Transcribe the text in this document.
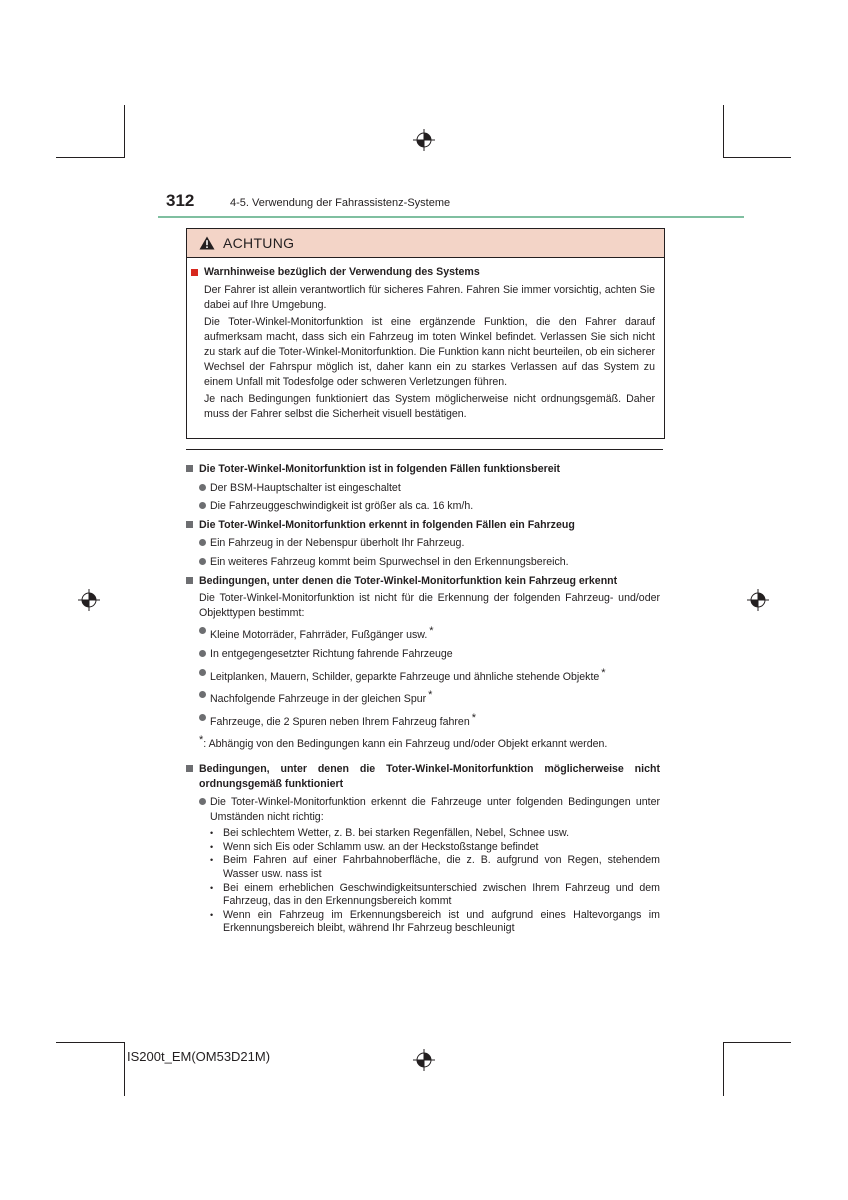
312	4-5. Verwendung der Fahrassistenz-Systeme
ACHTUNG
Warnhinweise bezüglich der Verwendung des Systems
Der Fahrer ist allein verantwortlich für sicheres Fahren. Fahren Sie immer vorsichtig, achten Sie dabei auf Ihre Umgebung.
Die Toter-Winkel-Monitorfunktion ist eine ergänzende Funktion, die den Fahrer darauf aufmerksam macht, dass sich ein Fahrzeug im toten Winkel befindet. Verlassen Sie sich nicht zu stark auf die Toter-Winkel-Monitorfunktion. Die Funktion kann nicht beurteilen, ob ein sicherer Wechsel der Fahrspur möglich ist, daher kann ein zu starkes Verlassen auf das System zu einem Unfall mit Todesfolge oder schweren Verletzungen führen.
Je nach Bedingungen funktioniert das System möglicherweise nicht ordnungsgemäß. Daher muss der Fahrer selbst die Sicherheit visuell bestätigen.
Die Toter-Winkel-Monitorfunktion ist in folgenden Fällen funktionsbereit
Der BSM-Hauptschalter ist eingeschaltet
Die Fahrzeuggeschwindigkeit ist größer als ca. 16 km/h.
Die Toter-Winkel-Monitorfunktion erkennt in folgenden Fällen ein Fahrzeug
Ein Fahrzeug in der Nebenspur überholt Ihr Fahrzeug.
Ein weiteres Fahrzeug kommt beim Spurwechsel in den Erkennungsbereich.
Bedingungen, unter denen die Toter-Winkel-Monitorfunktion kein Fahrzeug erkennt
Die Toter-Winkel-Monitorfunktion ist nicht für die Erkennung der folgenden Fahrzeug- und/oder Objekttypen bestimmt:
Kleine Motorräder, Fahrräder, Fußgänger usw. *
In entgegengesetzter Richtung fahrende Fahrzeuge
Leitplanken, Mauern, Schilder, geparkte Fahrzeuge und ähnliche stehende Objekte *
Nachfolgende Fahrzeuge in der gleichen Spur *
Fahrzeuge, die 2 Spuren neben Ihrem Fahrzeug fahren *
*: Abhängig von den Bedingungen kann ein Fahrzeug und/oder Objekt erkannt werden.
Bedingungen, unter denen die Toter-Winkel-Monitorfunktion möglicherweise nicht ordnungsgemäß funktioniert
Die Toter-Winkel-Monitorfunktion erkennt die Fahrzeuge unter folgenden Bedingungen unter Umständen nicht richtig:
• Bei schlechtem Wetter, z. B. bei starken Regenfällen, Nebel, Schnee usw.
• Wenn sich Eis oder Schlamm usw. an der Heckstoßstange befindet
• Beim Fahren auf einer Fahrbahnoberfläche, die z. B. aufgrund von Regen, stehendem Wasser usw. nass ist
• Bei einem erheblichen Geschwindigkeitsunterschied zwischen Ihrem Fahrzeug und dem Fahrzeug, das in den Erkennungsbereich kommt
• Wenn ein Fahrzeug im Erkennungsbereich ist und aufgrund eines Haltevorgangs im Erkennungsbereich bleibt, während Ihr Fahrzeug beschleunigt
IS200t_EM(OM53D21M)
